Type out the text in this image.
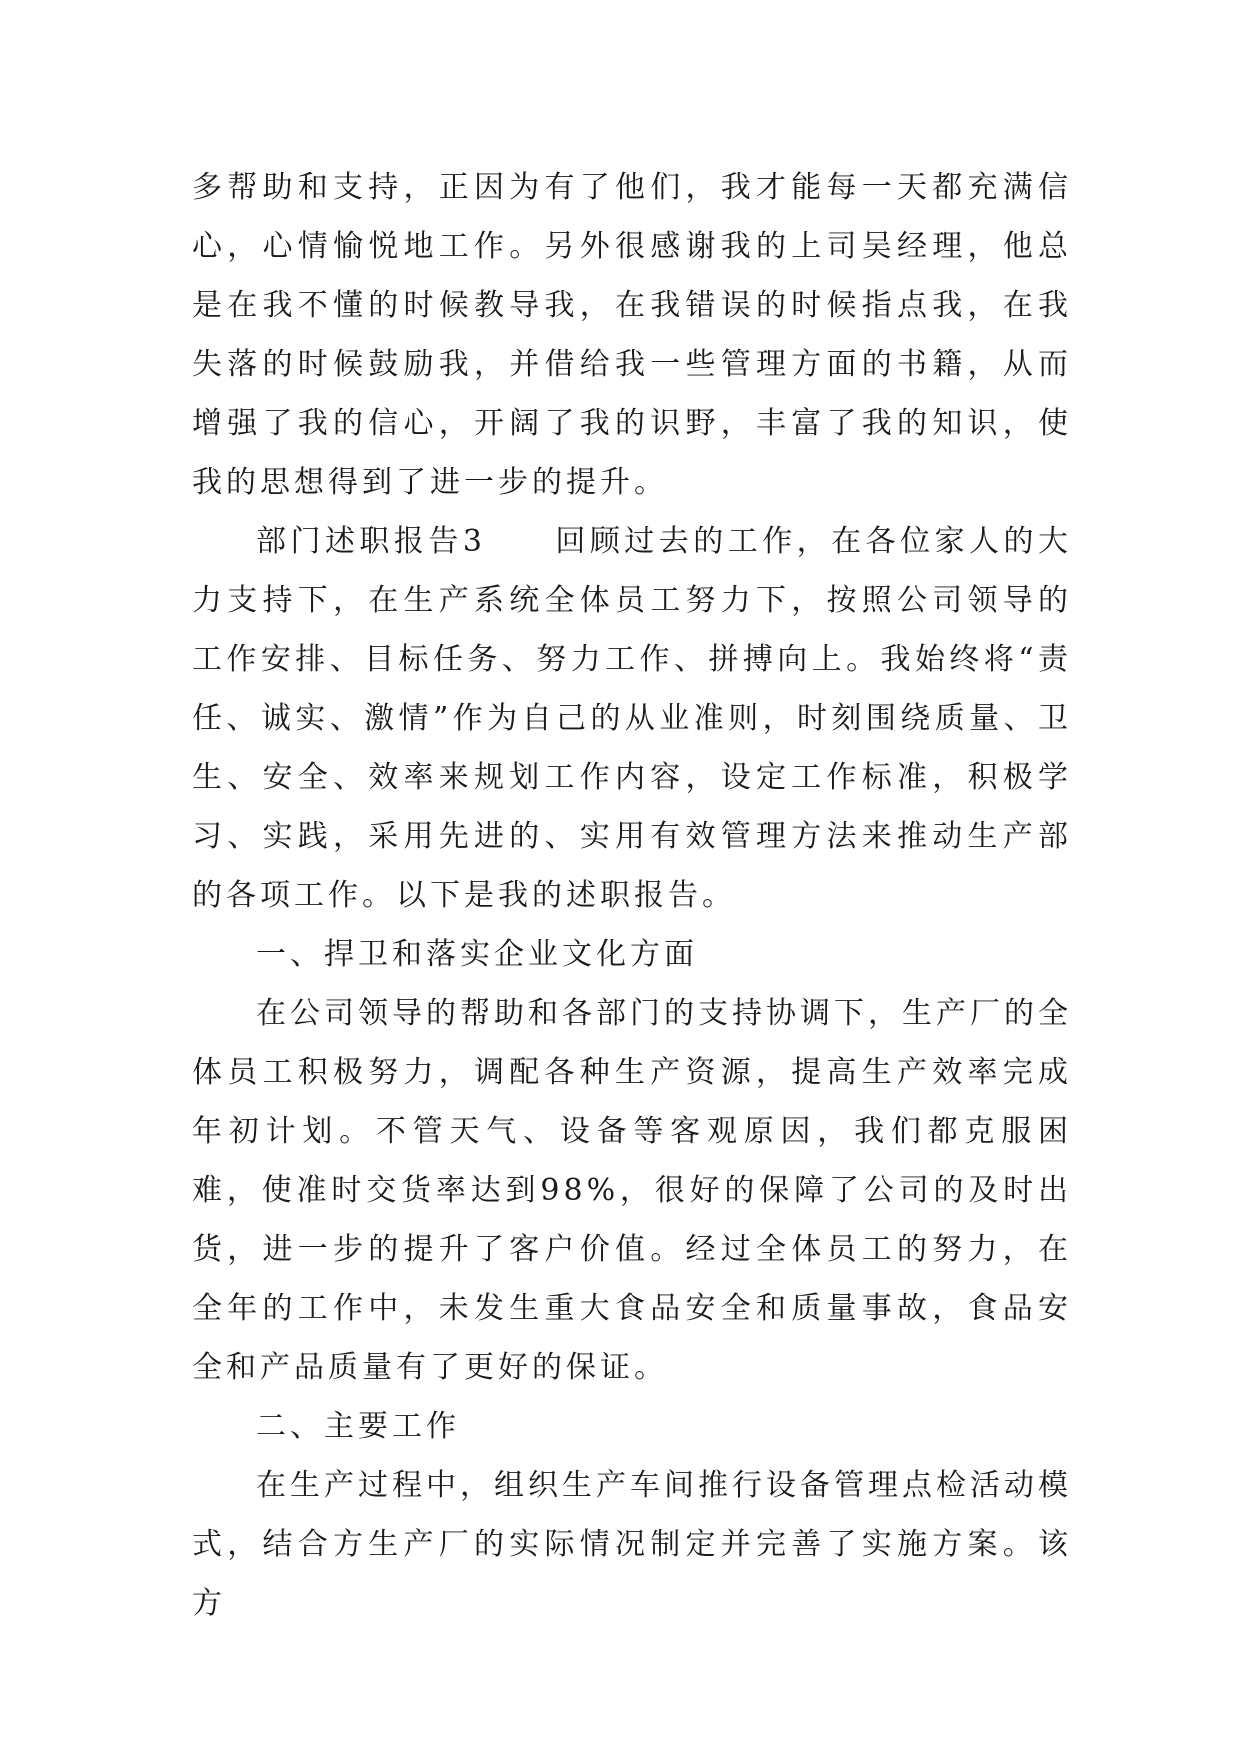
多帮助和支持，正因为有了他们，我才能每一天都充满信心，心情愉悦地工作。另外很感谢我的上司吴经理，他总是在我不懂的时候教导我，在我错误的时候指点我，在我失落的时候鼓励我，并借给我一些管理方面的书籍，从而增强了我的信心，开阔了我的识野，丰富了我的知识，使我的思想得到了进一步的提升。

部门述职报告3　　回顾过去的工作，在各位家人的大力支持下，在生产系统全体员工努力下，按照公司领导的工作安排、目标任务、努力工作、拼搏向上。我始终将“责任、诚实、激情”作为自己的从业准则，时刻围绕质量、卫生、安全、效率来规划工作内容，设定工作标准，积极学习、实践，采用先进的、实用有效管理方法来推动生产部的各项工作。以下是我的述职报告。

一、捍卫和落实企业文化方面

在公司领导的帮助和各部门的支持协调下，生产厂的全体员工积极努力，调配各种生产资源，提高生产效率完成年初计划。不管天气、设备等客观原因，我们都克服困难，使准时交货率达到98%，很好的保障了公司的及时出货，进一步的提升了客户价值。经过全体员工的努力，在全年的工作中，未发生重大食品安全和质量事故，食品安全和产品质量有了更好的保证。

二、主要工作

在生产过程中，组织生产车间推行设备管理点检活动模式，结合方生产厂的实际情况制定并完善了实施方案。该方
